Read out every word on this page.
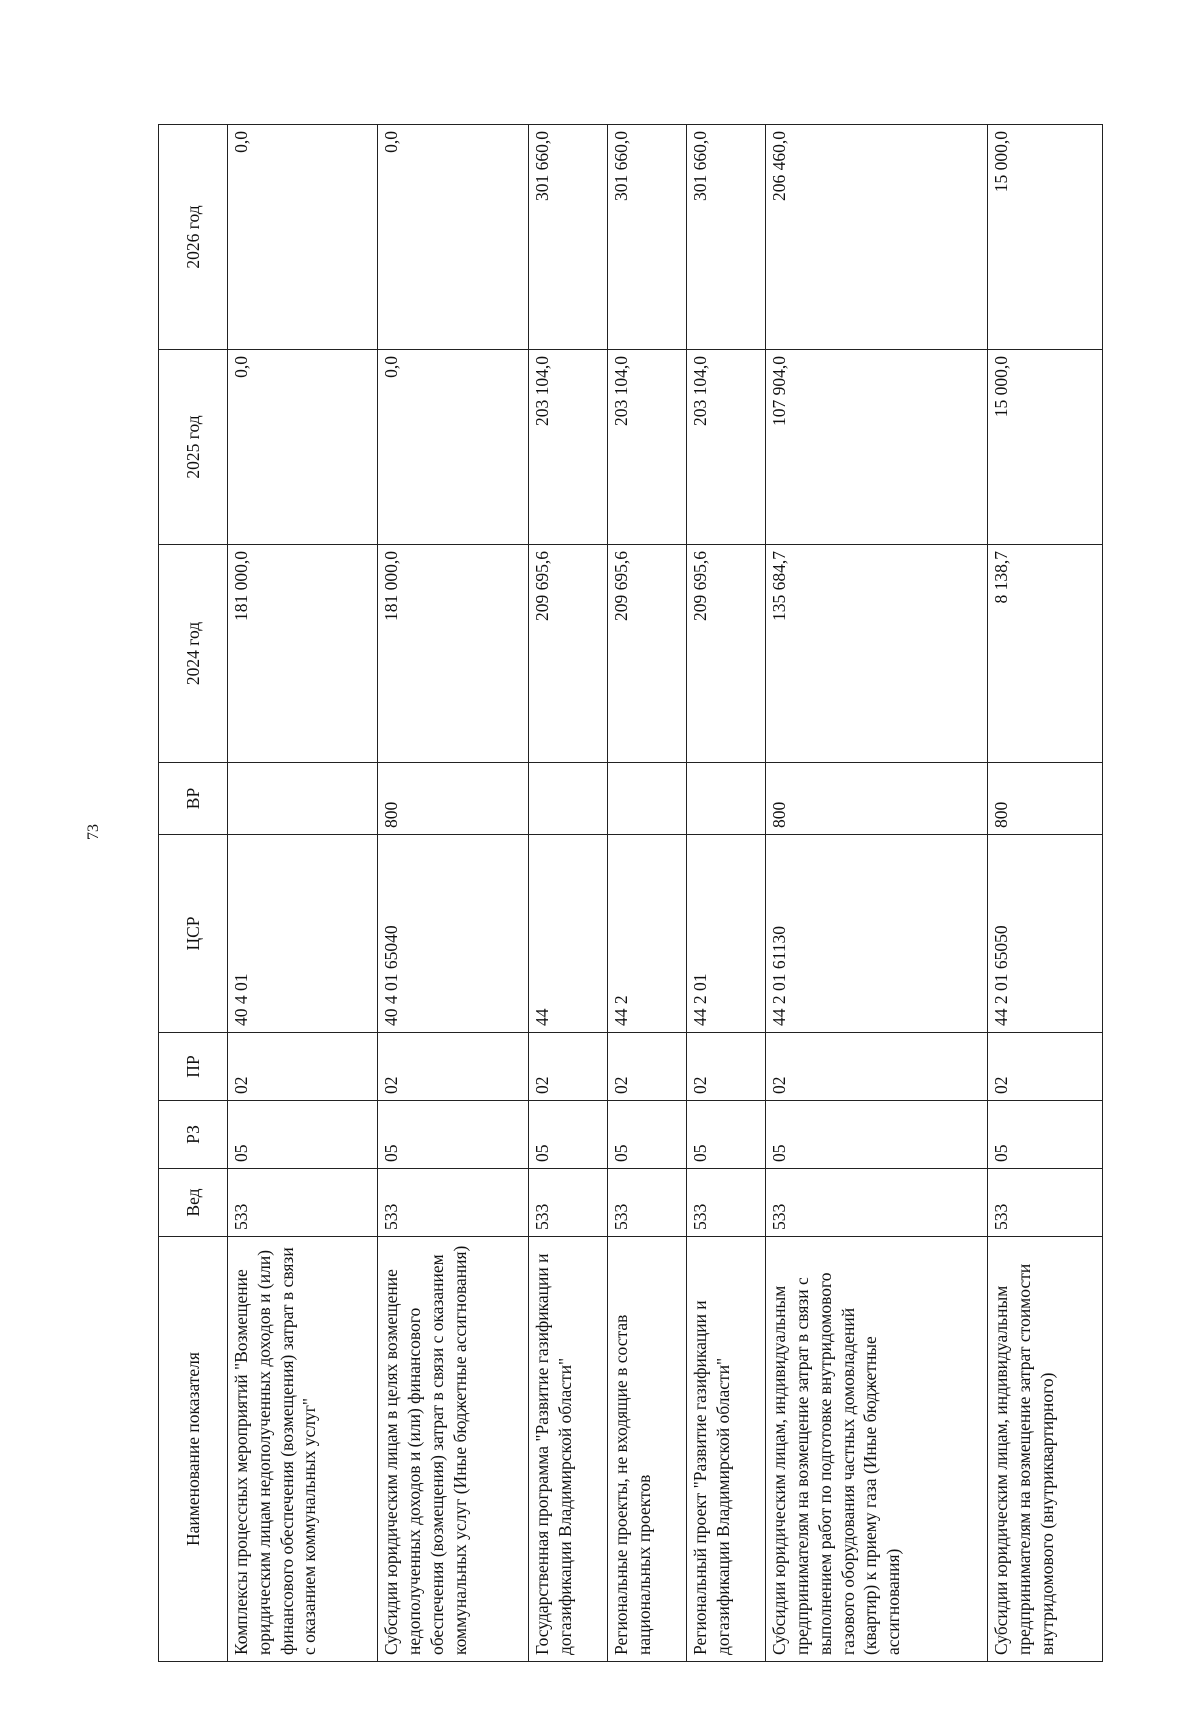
73
Наименование показателя	Вед	РЗ	ПР	ЦСР	ВР	2024 год	2025 год	2026 год
Комплексы процессных мероприятий "Возмещение юридическим лицам недополученных доходов и (или) финансового обеспечения (возмещения) затрат в связи с оказанием коммунальных услуг"	533	05	02	40 4 01		181 000,0	0,0	0,0
Субсидии юридическим лицам в целях возмещение недополученных доходов и (или) финансового обеспечения (возмещения) затрат в связи с оказанием коммунальных услуг (Иные бюджетные ассигнования)	533	05	02	40 4 01 65040	800	181 000,0	0,0	0,0
Государственная программа "Развитие газификации и догазификации Владимирской области"	533	05	02	44		209 695,6	203 104,0	301 660,0
Региональные проекты, не входящие в состав национальных проектов	533	05	02	44 2		209 695,6	203 104,0	301 660,0
Региональный проект "Развитие газификации и догазификации Владимирской области"	533	05	02	44 2 01		209 695,6	203 104,0	301 660,0
Субсидии юридическим лицам, индивидуальным предпринимателям на возмещение затрат в связи с выполнением работ по подготовке внутридомового газового оборудования частных домовладений (квартир) к приему газа (Иные бюджетные ассигнования)	533	05	02	44 2 01 61130	800	135 684,7	107 904,0	206 460,0
Субсидии юридическим лицам, индивидуальным предпринимателям на возмещение затрат стоимости внутридомового (внутриквартирного)	533	05	02	44 2 01 65050	800	8 138,7	15 000,0	15 000,0
